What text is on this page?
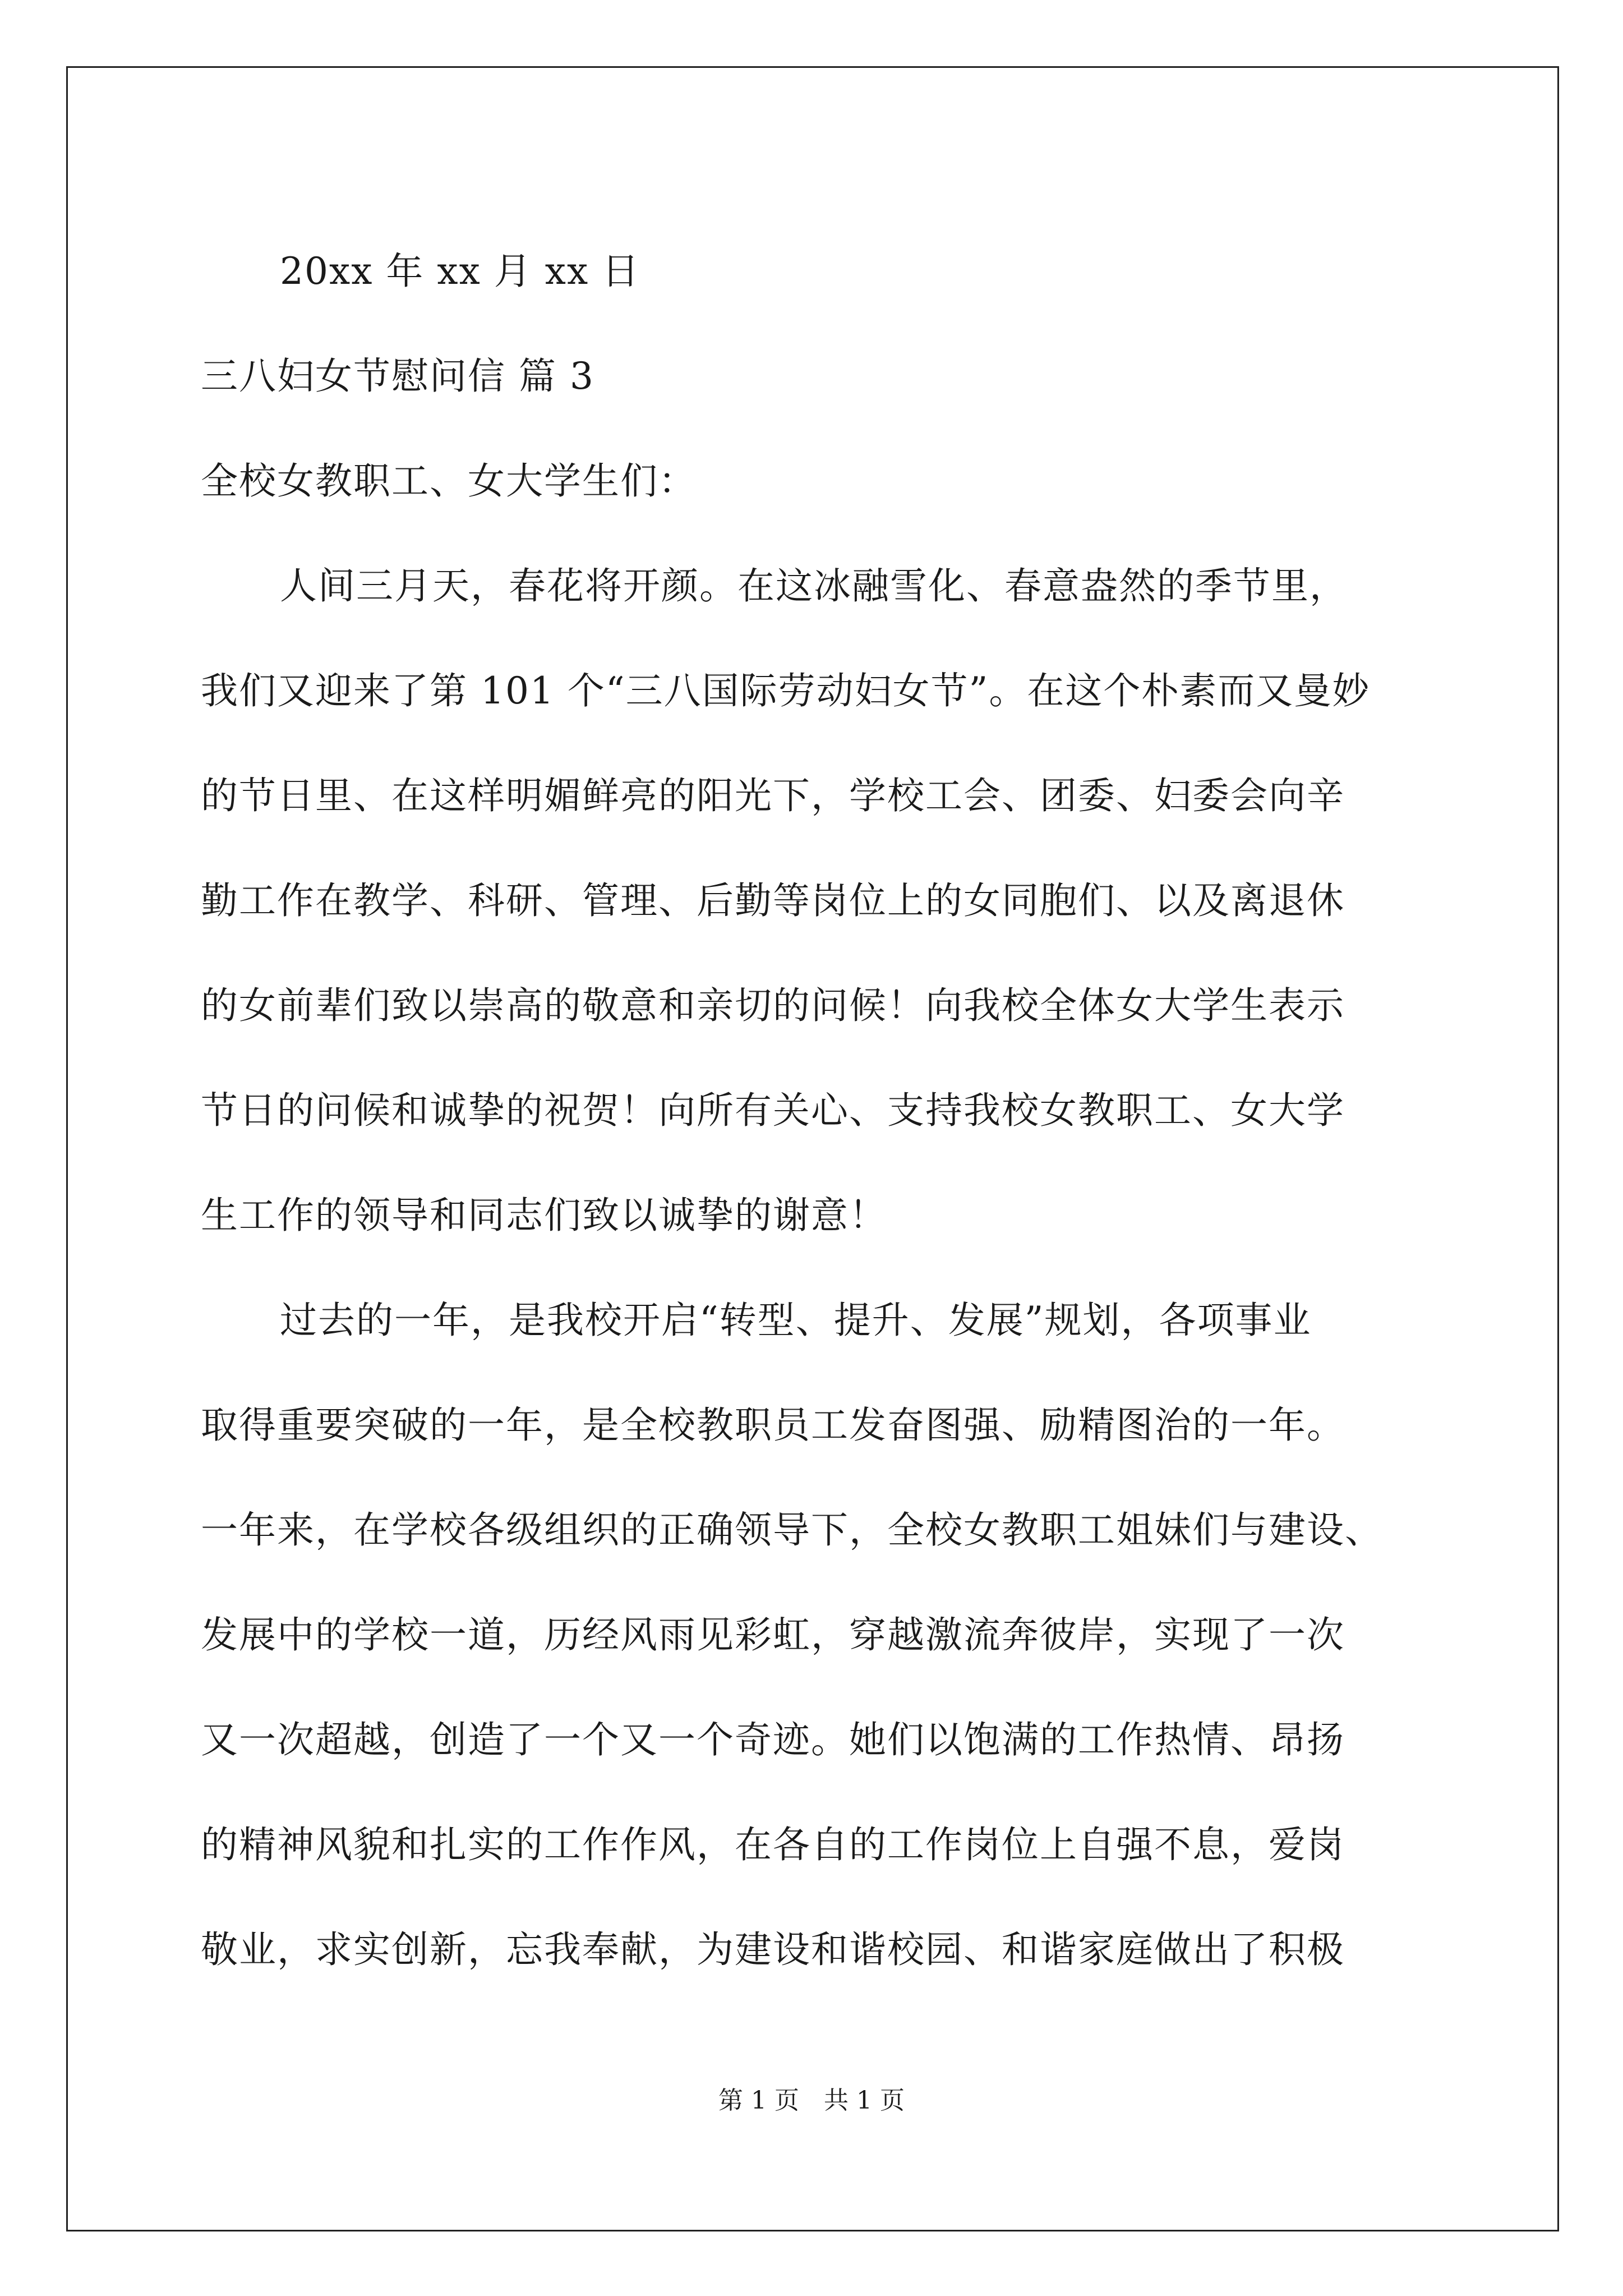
20xx 年 xx 月 xx 日
三八妇女节慰问信 篇 3
全校女教职工、女大学生们：
人间三月天，春花将开颜。在这冰融雪化、春意盎然的季节里，
我们又迎来了第 101 个“三八国际劳动妇女节”。在这个朴素而又曼妙
的节日里、在这样明媚鲜亮的阳光下，学校工会、团委、妇委会向辛
勤工作在教学、科研、管理、后勤等岗位上的女同胞们、以及离退休
的女前辈们致以崇高的敬意和亲切的问候！向我校全体女大学生表示
节日的问候和诚挚的祝贺！向所有关心、支持我校女教职工、女大学
生工作的领导和同志们致以诚挚的谢意！
过去的一年，是我校开启“转型、提升、发展”规划，各项事业
取得重要突破的一年，是全校教职员工发奋图强、励精图治的一年。
一年来，在学校各级组织的正确领导下，全校女教职工姐妹们与建设、
发展中的学校一道，历经风雨见彩虹，穿越激流奔彼岸，实现了一次
又一次超越，创造了一个又一个奇迹。她们以饱满的工作热情、昂扬
的精神风貌和扎实的工作作风，在各自的工作岗位上自强不息，爱岗
敬业，求实创新，忘我奉献，为建设和谐校园、和谐家庭做出了积极
第 1 页 共 1 页
